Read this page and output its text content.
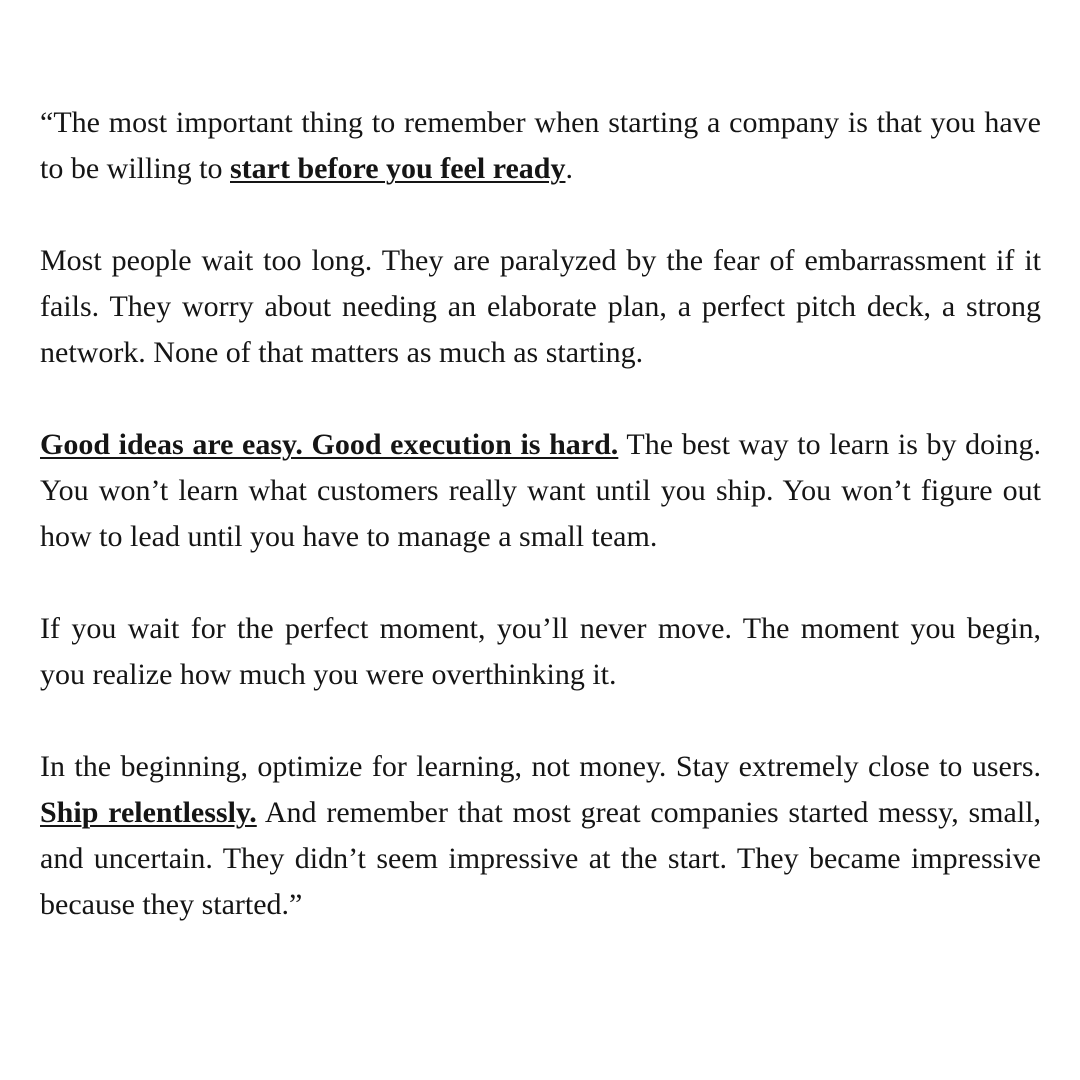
“The most important thing to remember when starting a company is that you have to be willing to start before you feel ready.

Most people wait too long. They are paralyzed by the fear of embarrassment if it fails. They worry about needing an elaborate plan, a perfect pitch deck, a strong network. None of that matters as much as starting.

Good ideas are easy. Good execution is hard. The best way to learn is by doing. You won’t learn what customers really want until you ship. You won’t figure out how to lead until you have to manage a small team.

If you wait for the perfect moment, you’ll never move. The moment you begin, you realize how much you were overthinking it.

In the beginning, optimize for learning, not money. Stay extremely close to users. Ship relentlessly. And remember that most great companies started messy, small, and uncertain. They didn’t seem impressive at the start. They became impressive because they started.”
